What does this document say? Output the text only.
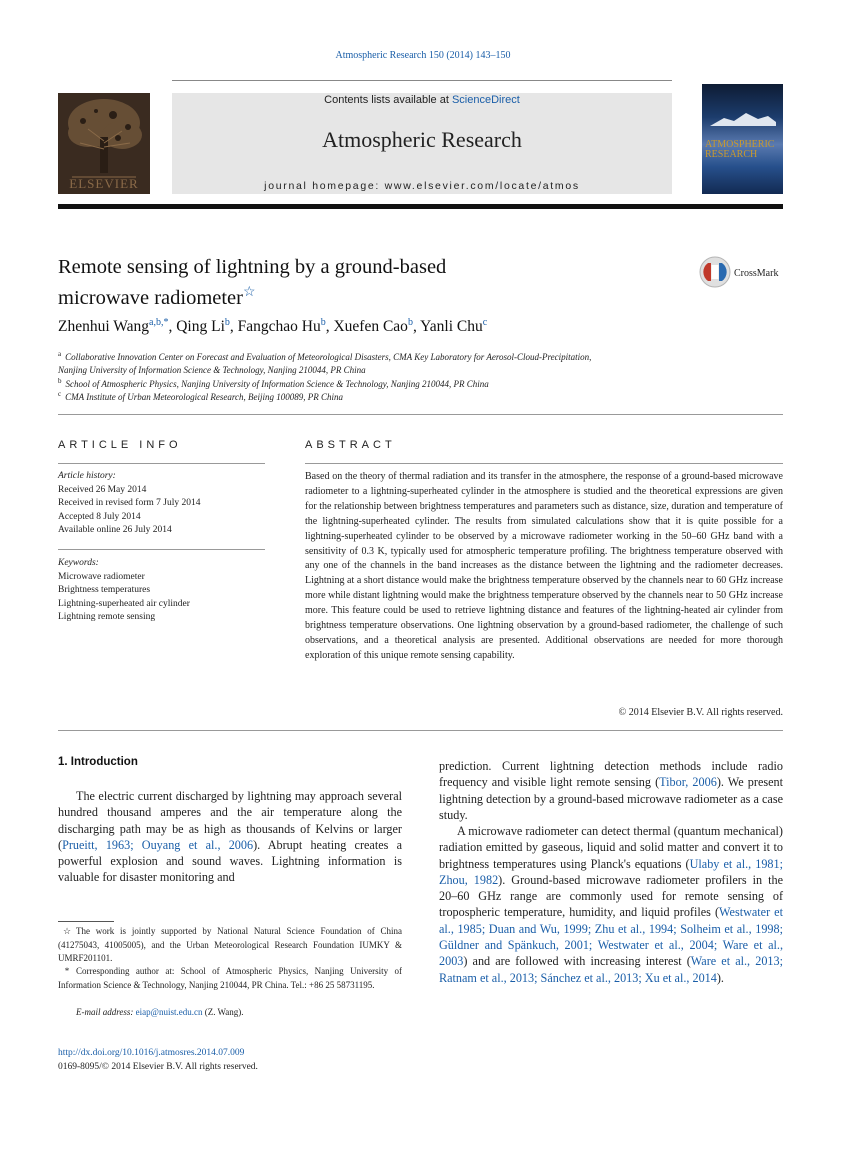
Atmospheric Research 150 (2014) 143–150
ELSEVIER
Contents lists available at ScienceDirect
Atmospheric Research
journal homepage: www.elsevier.com/locate/atmos
ATMOSPHERIC
RESEARCH
Remote sensing of lightning by a ground-based
microwave radiometer☆
CrossMark
Zhenhui Wang$^{a,b,*}$, Qing Li$^b$, Fangchao Hu$^b$, Xuefen Cao$^b$, Yanli Chu$^c$
$^a$ Collaborative Innovation Center on Forecast and Evaluation of Meteorological Disasters, CMA Key Laboratory for Aerosol-Cloud-Precipitation,
Nanjing University of Information Science & Technology, Nanjing 210044, PR China
$^b$ School of Atmospheric Physics, Nanjing University of Information Science & Technology, Nanjing 210044, PR China
$^c$ CMA Institute of Urban Meteorological Research, Beijing 100089, PR China
ARTICLE INFO
Article history:
Received 26 May 2014
Received in revised form 7 July 2014
Accepted 8 July 2014
Available online 26 July 2014
Keywords:
Microwave radiometer
Brightness temperatures
Lightning-superheated air cylinder
Lightning remote sensing
ABSTRACT
Based on the theory of thermal radiation and its transfer in the atmosphere, the response of a ground-based microwave radiometer to a lightning-superheated cylinder in the atmosphere is studied and the theoretical expressions are given for the relationship between brightness temperatures and parameters such as distance, size, duration and temperature of the lightning-superheated cylinder. The results from simulated calculations show that it is quite possible for a lightning-superheated cylinder to be observed by a microwave radiometer working in the 50–60 GHz band with a sensitivity of 0.3 K, typically used for atmospheric temperature profiling. The brightness temperature observed with any one of the channels in the band increases as the distance between the lightning and the radiometer decreases. Lightning at a short distance would make the brightness temperature observed by the channels near to 60 GHz increase more while distant lightning would make the brightness temperature observed by the channels near to 50 GHz increase more. This feature could be used to retrieve lightning distance and features of the lightning-heated air cylinder from brightness temperature observations. One lightning observation by a ground-based radiometer, the challenge of such observations, and a theoretical analysis are presented. Additional observations are needed for more thorough exploration of this unique remote sensing capability.
© 2014 Elsevier B.V. All rights reserved.
1. Introduction
The electric current discharged by lightning may approach several hundred thousand amperes and the air temperature along the discharging path may be as high as thousands of Kelvins or larger (Prueitt, 1963; Ouyang et al., 2006). Abrupt heating creates a powerful explosion and sound waves. Lightning information is valuable for disaster monitoring and
prediction. Current lightning detection methods include radio frequency and visible light remote sensing (Tibor, 2006). We present lightning detection by a ground-based microwave radiometer as a case study.
A microwave radiometer can detect thermal (quantum mechanical) radiation emitted by gaseous, liquid and solid matter and convert it to brightness temperatures using Planck's equations (Ulaby et al., 1981; Zhou, 1982). Ground-based microwave radiometer profilers in the 20–60 GHz range are commonly used for remote sensing of tropospheric temperature, humidity, and liquid profiles (Westwater et al., 1985; Duan and Wu, 1999; Zhu et al., 1994; Solheim et al., 1998; Güldner and Spänkuch, 2001; Westwater et al., 2004; Ware et al., 2003) and are followed with increasing interest (Ware et al., 2013; Ratnam et al., 2013; Sánchez et al., 2013; Xu et al., 2014).
☆ The work is jointly supported by National Natural Science Foundation of China (41275043, 41005005), and the Urban Meteorological Research Foundation IUMKY & UMRF201101.
* Corresponding author at: School of Atmospheric Physics, Nanjing University of Information Science & Technology, Nanjing 210044, PR China. Tel.: +86 25 58731195.
E-mail address: eiap@nuist.edu.cn (Z. Wang).
http://dx.doi.org/10.1016/j.atmosres.2014.07.009
0169-8095/© 2014 Elsevier B.V. All rights reserved.
